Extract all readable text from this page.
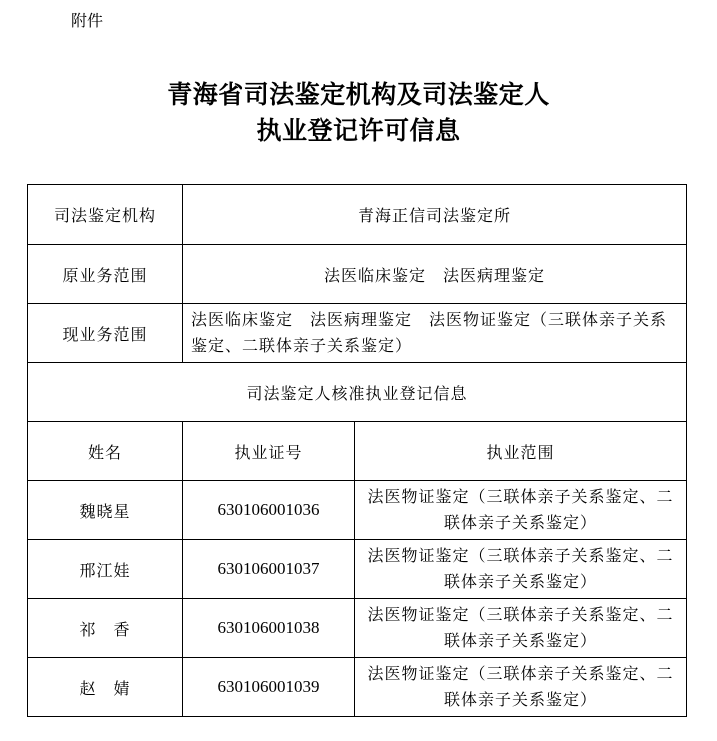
附件
青海省司法鉴定机构及司法鉴定人
执业登记许可信息
司法鉴定机构	青海正信司法鉴定所	
原业务范围	法医临床鉴定　法医病理鉴定	
现业务范围	法医临床鉴定　法医病理鉴定　法医物证鉴定（三联体亲子关系鉴定、二联体亲子关系鉴定）	
司法鉴定人核准执业登记信息		
姓名	执业证号	执业范围
魏晓星	630106001036	法医物证鉴定（三联体亲子关系鉴定、二联体亲子关系鉴定）
邢江娃	630106001037	法医物证鉴定（三联体亲子关系鉴定、二联体亲子关系鉴定）
祁　香	630106001038	法医物证鉴定（三联体亲子关系鉴定、二联体亲子关系鉴定）
赵　婧	630106001039	法医物证鉴定（三联体亲子关系鉴定、二联体亲子关系鉴定）
